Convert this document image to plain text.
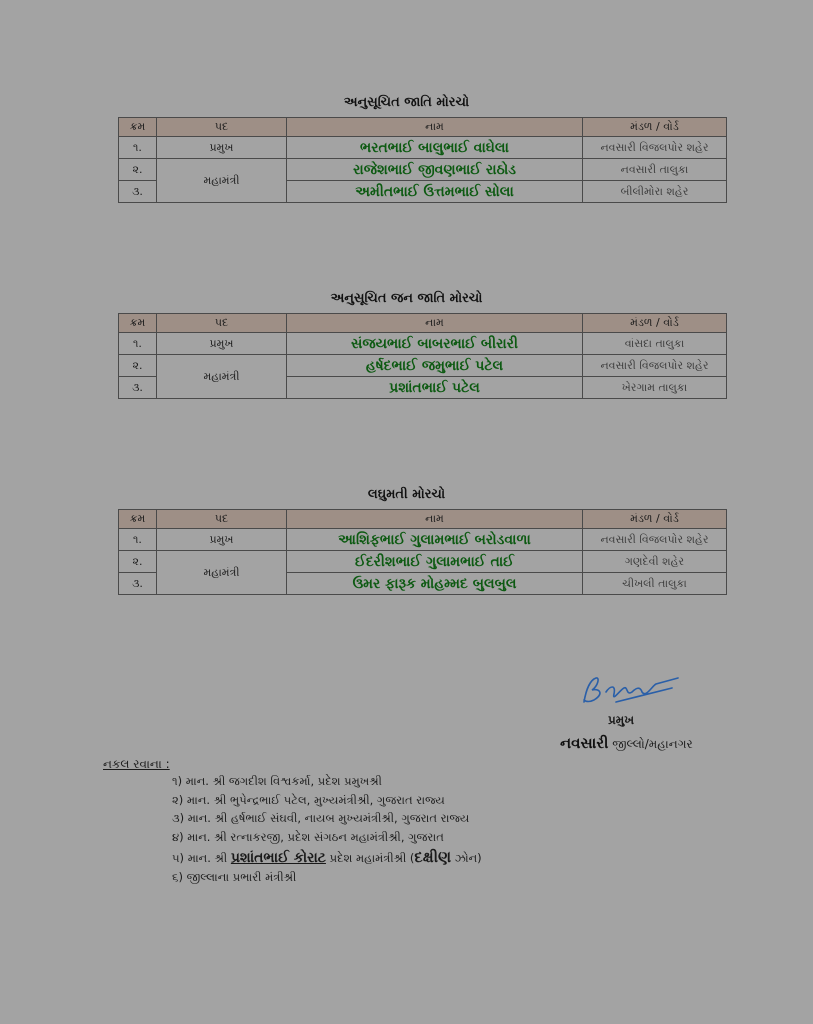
અનુસૂચિત જાતિ મોરચો
ક્રમ	પદ	નામ	મંડળ / વોર્ડ
૧.	પ્રમુખ	ભરતભાઈ બાલુભાઈ વાઘેલા	નવસારી વિજલપોર શહેર
૨.	મહામંત્રી	રાજેશભાઈ જીવણભાઈ રાઠોડ	નવસારી તાલુકા
૩.		અમીતભાઈ ઉત્તમભાઈ સોલા	બીલીમોરા શહેર
અનુસૂચિત જન જાતિ મોરચો
ક્રમ	પદ	નામ	મંડળ / વોર્ડ
૧.	પ્રમુખ	સંજયભાઈ બાબરભાઈ બીરારી	વાંસદા તાલુકા
૨.	મહામંત્રી	હર્ષદભાઈ જમુભાઈ પટેલ	નવસારી વિજલપોર શહેર
૩.		પ્રશાંતભાઈ પટેલ	ખેરગામ તાલુકા
લઘુમતી મોરચો
ક્રમ	પદ	નામ	મંડળ / વોર્ડ
૧.	પ્રમુખ	આશિફભાઈ ગુલામભાઈ બરોડવાળા	નવસારી વિજલપોર શહેર
૨.	મહામંત્રી	ઈદરીશભાઈ ગુલામભાઈ તાઈ	ગણદેવી શહેર
૩.		ઉમર ફારૂક મોહમ્મદ બુલબુલ	ચીખલી તાલુકા
પ્રમુખ
નવસારી જીલ્લો/મહાનગર
નકલ રવાના :
૧) માન. શ્રી જગદીશ વિશ્વકર્મા, પ્રદેશ પ્રમુખશ્રી
૨) માન. શ્રી ભુપેન્દ્રભાઈ પટેલ, મુખ્યમંત્રીશ્રી, ગુજરાત રાજ્ય
૩) માન. શ્રી હર્ષભાઈ સંઘવી, નાયબ મુખ્યમંત્રીશ્રી, ગુજરાત રાજ્ય
૪) માન. શ્રી રત્નાકરજી, પ્રદેશ સંગઠન મહામંત્રીશ્રી, ગુજરાત
૫) માન. શ્રી પ્રશાંતભાઈ કોરાટ પ્રદેશ મહામંત્રીશ્રી (દક્ષીણ ઝોન)
૬) જીલ્લાના પ્રભારી મંત્રીશ્રી
